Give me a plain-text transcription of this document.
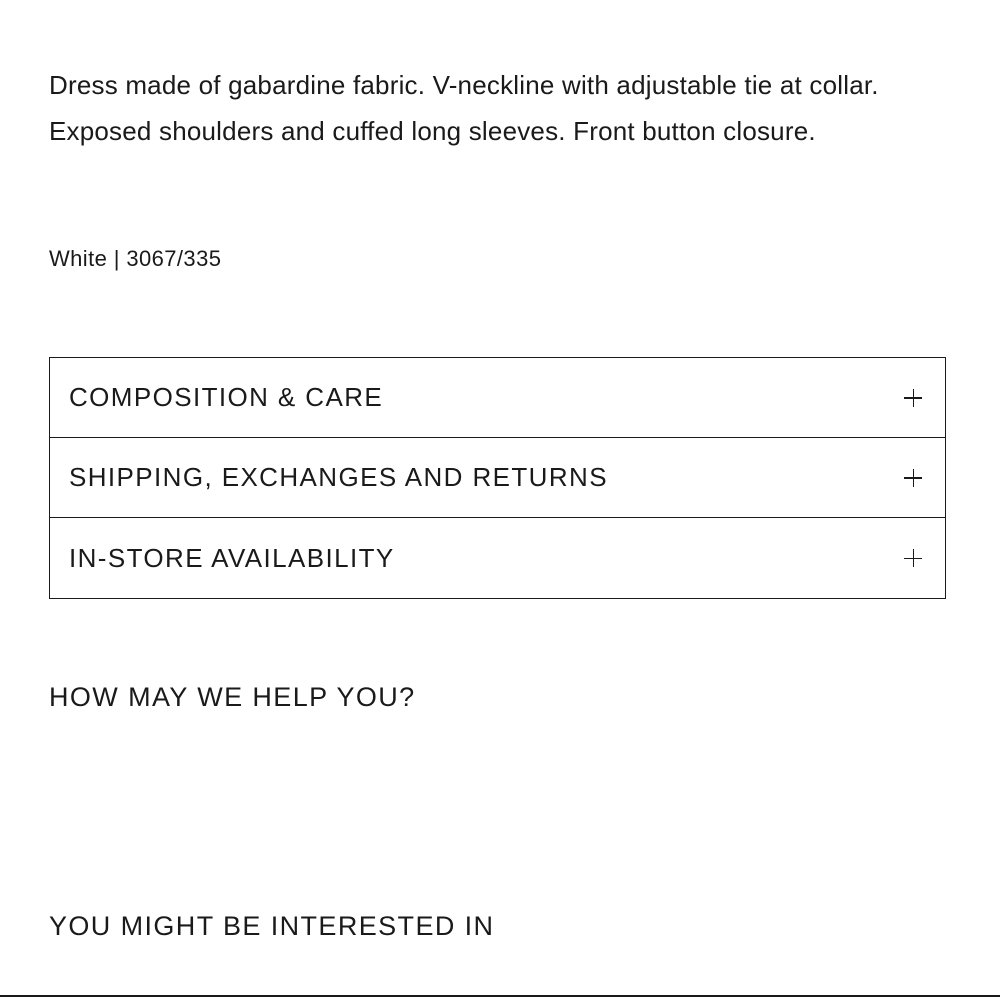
Dress made of gabardine fabric. V-neckline with adjustable tie at collar. Exposed shoulders and cuffed long sleeves. Front button closure.

White | 3067/335
COMPOSITION & CARE
SHIPPING, EXCHANGES AND RETURNS
IN-STORE AVAILABILITY
HOW MAY WE HELP YOU?
YOU MIGHT BE INTERESTED IN
